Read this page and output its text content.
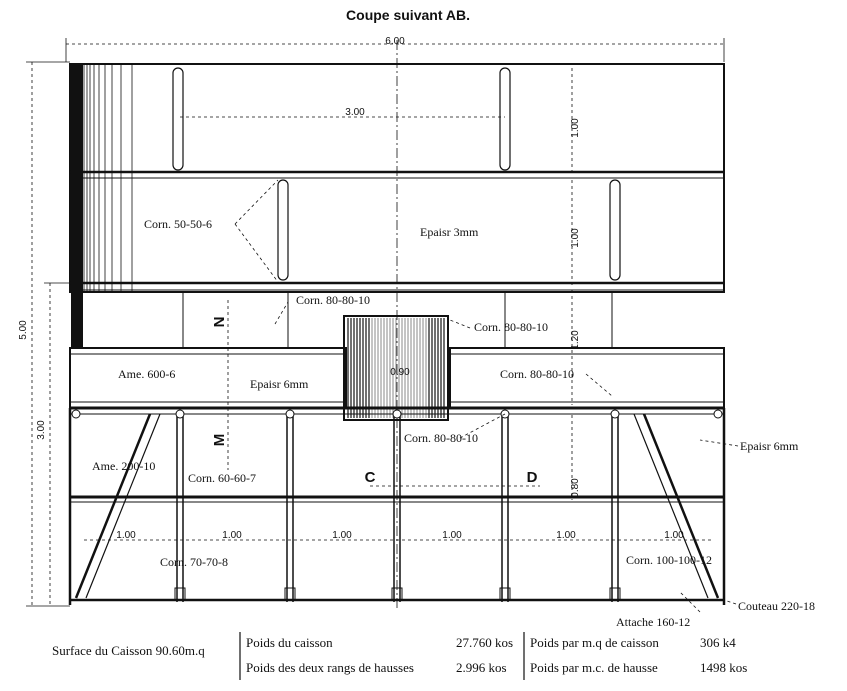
Coupe suivant AB.
6.00
3.00
1.00
1.00
1.20
0.80
5.00
3.00
0.90
1.00	1.00	1.00	1.00	1.00	1.00
Corn. 50-50-6
Epaisr 3mm
Corn. 80-80-10
Corn. 80-80-10
Corn. 80-80-10
Corn. 80-80-10
Ame. 600-6
Epaisr 6mm
Epaisr 6mm
Ame. 200-10
Corn. 60-60-7
Corn. 70-70-8	Corn. 100-100-12
Attache 160-12
Couteau 220-18
N
M
C	D
Surface du Caisson 90.60m.q
Poids du caisson	27.760 kos
Poids des deux rangs de hausses	2.996 kos
Poids par m.q de caisson	306 k4
Poids par m.c. de hausse	1498 kos
